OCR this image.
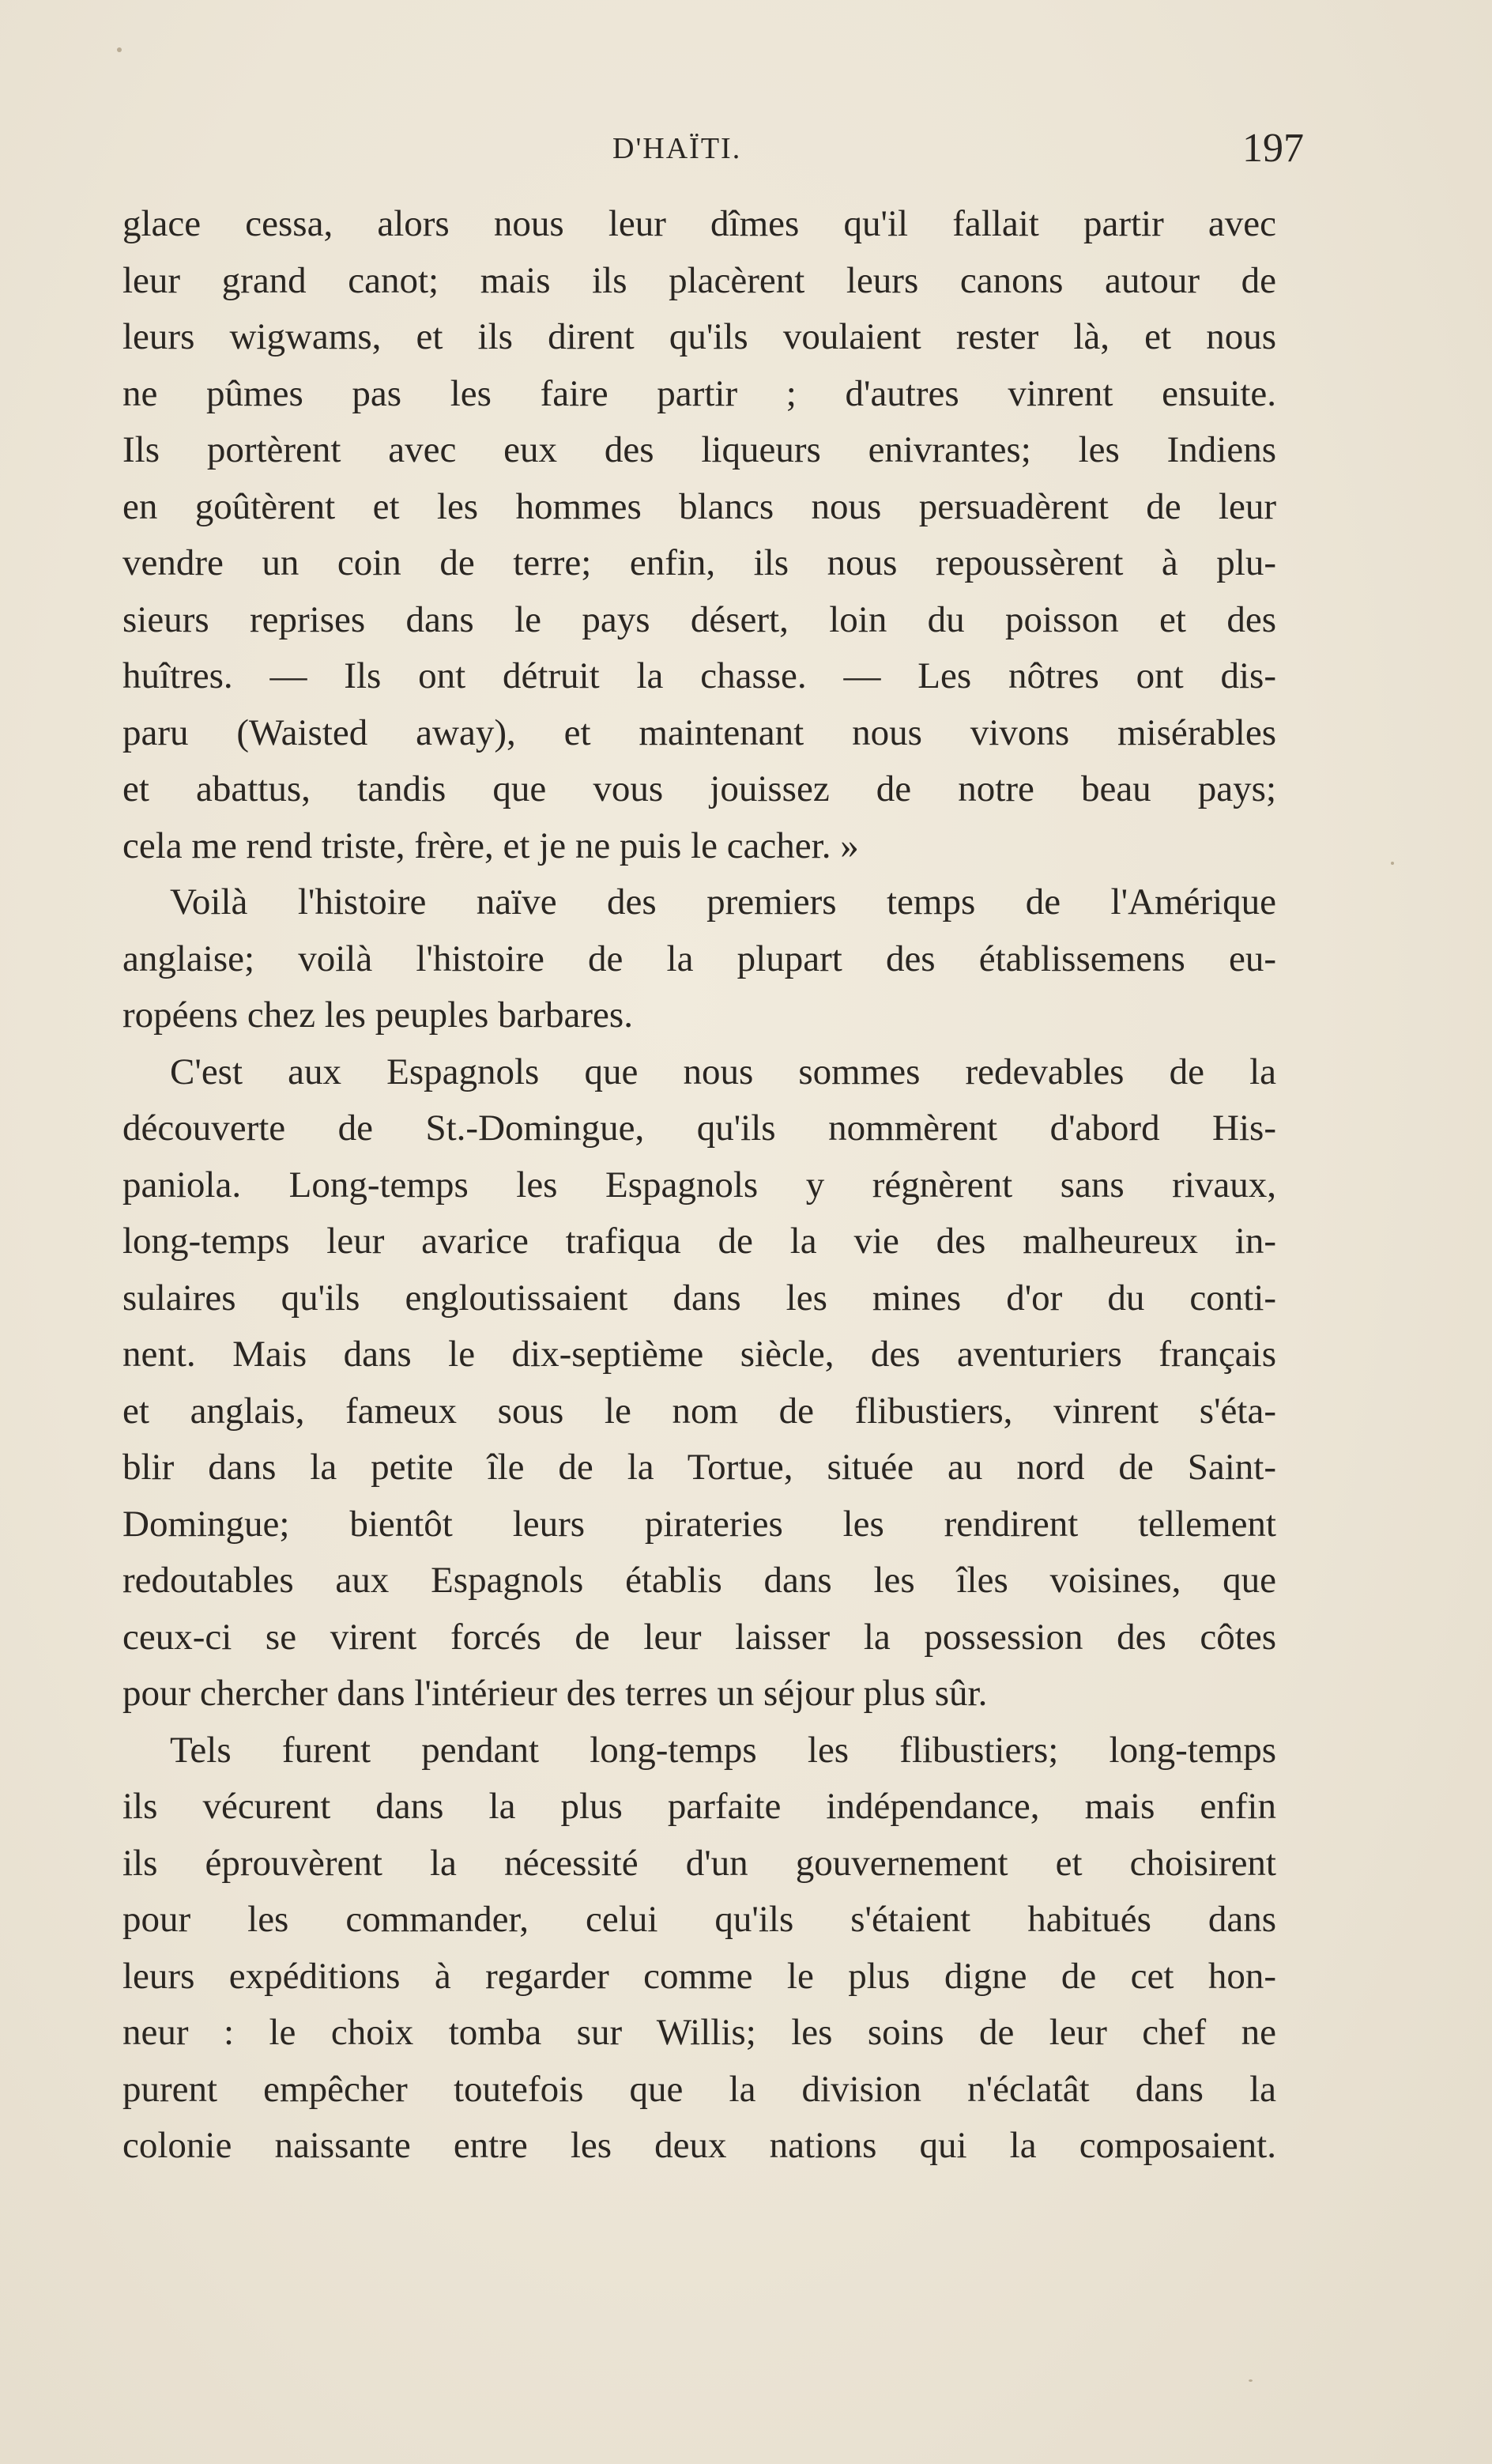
D'HAÏTI.	197
glace cessa, alors nous leur dîmes qu'il fallait partir avec
leur grand canot; mais ils placèrent leurs canons autour de
leurs wigwams, et ils dirent qu'ils voulaient rester là, et nous
ne pûmes pas les faire partir ; d'autres vinrent ensuite.
Ils portèrent avec eux des liqueurs enivrantes; les Indiens
en goûtèrent et les hommes blancs nous persuadèrent de leur
vendre un coin de terre; enfin, ils nous repoussèrent à plu-
sieurs reprises dans le pays désert, loin du poisson et des
huîtres. — Ils ont détruit la chasse. — Les nôtres ont dis-
paru (Waisted away), et maintenant nous vivons misérables
et abattus, tandis que vous jouissez de notre beau pays;
cela me rend triste, frère, et je ne puis le cacher. »
Voilà l'histoire naïve des premiers temps de l'Amérique
anglaise; voilà l'histoire de la plupart des établissemens eu-
ropéens chez les peuples barbares.
C'est aux Espagnols que nous sommes redevables de la
découverte de St.-Domingue, qu'ils nommèrent d'abord His-
paniola. Long-temps les Espagnols y régnèrent sans rivaux,
long-temps leur avarice trafiqua de la vie des malheureux in-
sulaires qu'ils engloutissaient dans les mines d'or du conti-
nent. Mais dans le dix-septième siècle, des aventuriers français
et anglais, fameux sous le nom de flibustiers, vinrent s'éta-
blir dans la petite île de la Tortue, située au nord de Saint-
Domingue; bientôt leurs pirateries les rendirent tellement
redoutables aux Espagnols établis dans les îles voisines, que
ceux-ci se virent forcés de leur laisser la possession des côtes
pour chercher dans l'intérieur des terres un séjour plus sûr.
Tels furent pendant long-temps les flibustiers; long-temps
ils vécurent dans la plus parfaite indépendance, mais enfin
ils éprouvèrent la nécessité d'un gouvernement et choisirent
pour les commander, celui qu'ils s'étaient habitués dans
leurs expéditions à regarder comme le plus digne de cet hon-
neur : le choix tomba sur Willis; les soins de leur chef ne
purent empêcher toutefois que la division n'éclatât dans la
colonie naissante entre les deux nations qui la composaient.
